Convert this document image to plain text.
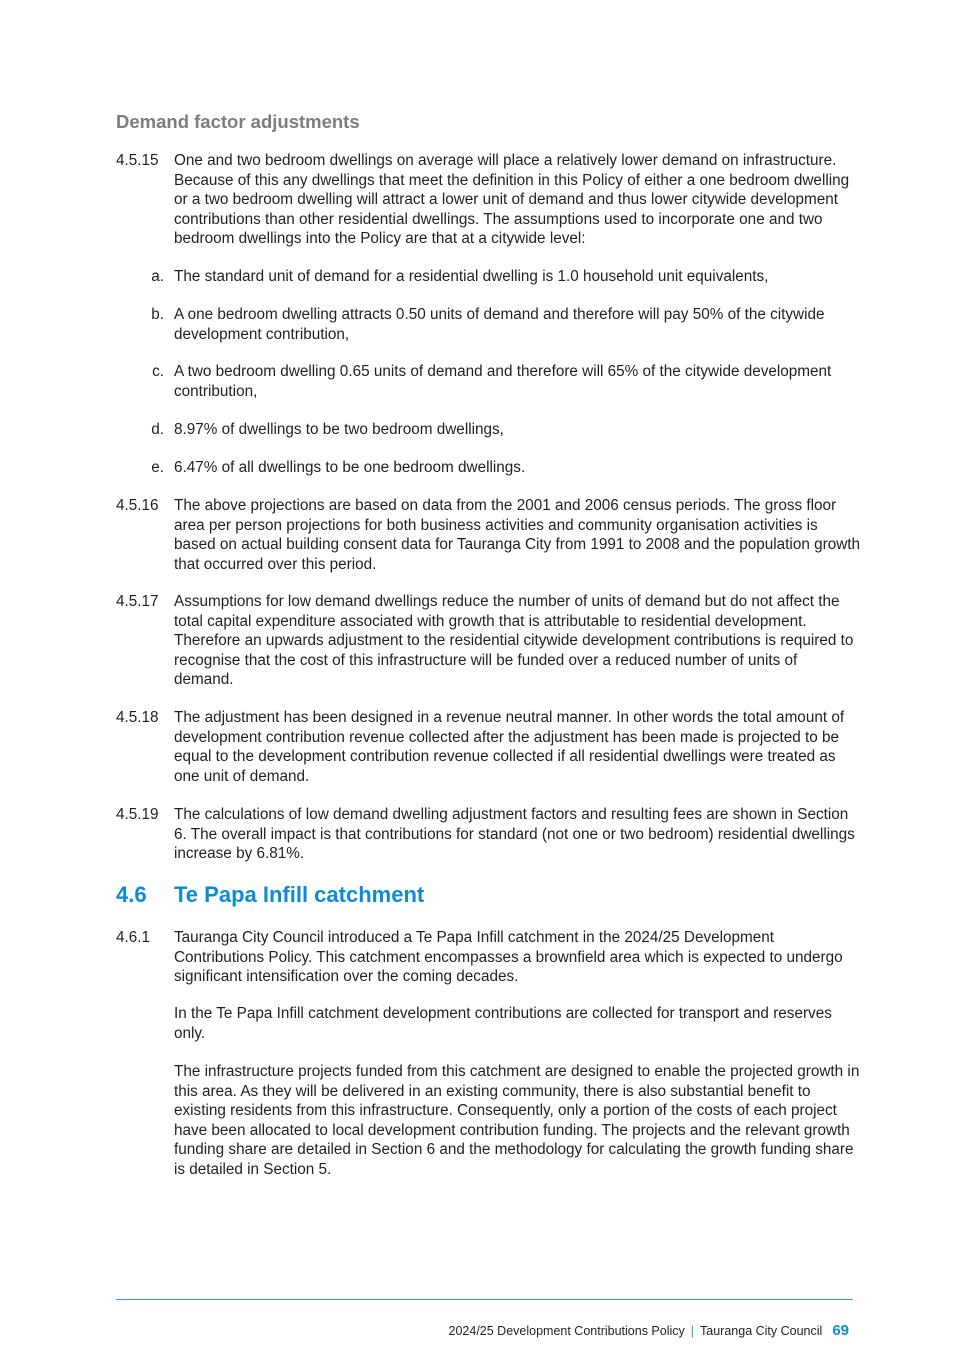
Demand factor adjustments
4.5.15 One and two bedroom dwellings on average will place a relatively lower demand on infrastructure. Because of this any dwellings that meet the definition in this Policy of either a one bedroom dwelling or a two bedroom dwelling will attract a lower unit of demand and thus lower citywide development contributions than other residential dwellings. The assumptions used to incorporate one and two bedroom dwellings into the Policy are that at a citywide level:
a. The standard unit of demand for a residential dwelling is 1.0 household unit equivalents,
b. A one bedroom dwelling attracts 0.50 units of demand and therefore will pay 50% of the citywide development contribution,
c. A two bedroom dwelling 0.65 units of demand and therefore will 65% of the citywide development contribution,
d. 8.97% of dwellings to be two bedroom dwellings,
e. 6.47% of all dwellings to be one bedroom dwellings.
4.5.16 The above projections are based on data from the 2001 and 2006 census periods. The gross floor area per person projections for both business activities and community organisation activities is based on actual building consent data for Tauranga City from 1991 to 2008 and the population growth that occurred over this period.
4.5.17 Assumptions for low demand dwellings reduce the number of units of demand but do not affect the total capital expenditure associated with growth that is attributable to residential development. Therefore an upwards adjustment to the residential citywide development contributions is required to recognise that the cost of this infrastructure will be funded over a reduced number of units of demand.
4.5.18 The adjustment has been designed in a revenue neutral manner. In other words the total amount of development contribution revenue collected after the adjustment has been made is projected to be equal to the development contribution revenue collected if all residential dwellings were treated as one unit of demand.
4.5.19 The calculations of low demand dwelling adjustment factors and resulting fees are shown in Section 6. The overall impact is that contributions for standard (not one or two bedroom) residential dwellings increase by 6.81%.
4.6 Te Papa Infill catchment
4.6.1 Tauranga City Council introduced a Te Papa Infill catchment in the 2024/25 Development Contributions Policy. This catchment encompasses a brownfield area which is expected to undergo significant intensification over the coming decades.
In the Te Papa Infill catchment development contributions are collected for transport and reserves only.
The infrastructure projects funded from this catchment are designed to enable the projected growth in this area. As they will be delivered in an existing community, there is also substantial benefit to existing residents from this infrastructure. Consequently, only a portion of the costs of each project have been allocated to local development contribution funding. The projects and the relevant growth funding share are detailed in Section 6 and the methodology for calculating the growth funding share is detailed in Section 5.
2024/25 Development Contributions Policy | Tauranga City Council 69
